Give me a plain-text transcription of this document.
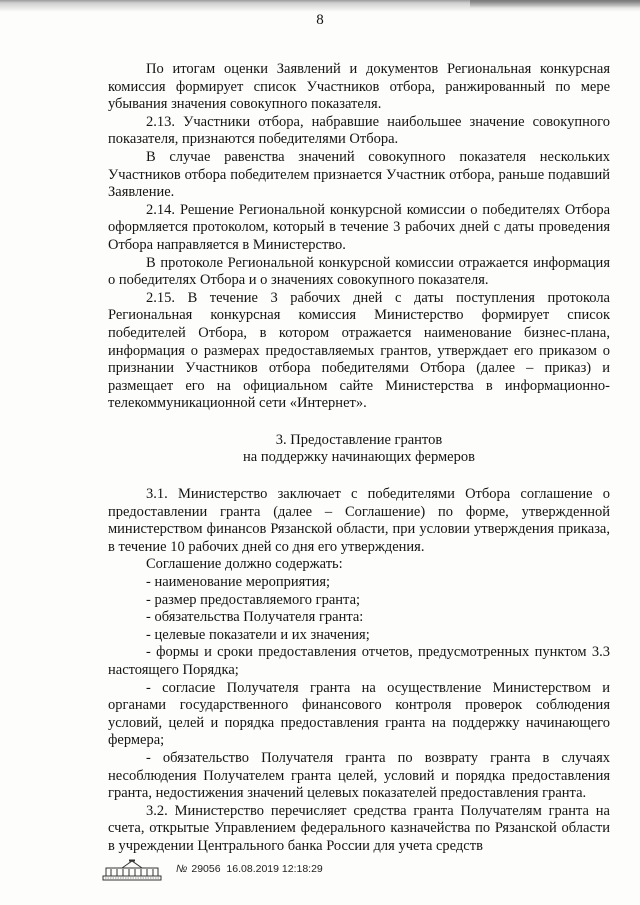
8

По итогам оценки Заявлений и документов Региональная конкурсная комиссия формирует список Участников отбора, ранжированный по мере убывания значения совокупного показателя.

2.13. Участники отбора, набравшие наибольшее значение совокупного показателя, признаются победителями Отбора.

В случае равенства значений совокупного показателя нескольких Участников отбора победителем признается Участник отбора, раньше подавший Заявление.

2.14. Решение Региональной конкурсной комиссии о победителях Отбора оформляется протоколом, который в течение 3 рабочих дней с даты проведения Отбора направляется в Министерство.

В протоколе Региональной конкурсной комиссии отражается информация о победителях Отбора и о значениях совокупного показателя.

2.15. В течение 3 рабочих дней с даты поступления протокола Региональная конкурсная комиссия Министерство формирует список победителей Отбора, в котором отражается наименование бизнес-плана, информация о размерах предоставляемых грантов, утверждает его приказом о признании Участников отбора победителями Отбора (далее – приказ) и размещает его на официальном сайте Министерства в информационно-телекоммуникационной сети «Интернет».

3. Предоставление грантов

на поддержку начинающих фермеров

3.1. Министерство заключает с победителями Отбора соглашение о предоставлении гранта (далее – Соглашение) по форме, утвержденной министерством финансов Рязанской области, при условии утверждения приказа, в течение 10 рабочих дней со дня его утверждения.

Соглашение должно содержать:

- наименование мероприятия;

- размер предоставляемого гранта;

- обязательства Получателя гранта:

- целевые показатели и их значения;

- формы и сроки предоставления отчетов, предусмотренных пунктом 3.3 настоящего Порядка;

- согласие Получателя гранта на осуществление Министерством и органами государственного финансового контроля проверок соблюдения условий, целей и порядка предоставления гранта на поддержку начинающего фермера;

- обязательство Получателя гранта по возврату гранта в случаях несоблюдения Получателем гранта целей, условий и порядка предоставления гранта, недостижения значений целевых показателей предоставления гранта.

3.2. Министерство перечисляет средства гранта Получателям гранта на счета, открытые Управлением федерального казначейства по Рязанской области в учреждении Центрального банка России для учета средств

№ 29056
16.08.2019 12:18:29
